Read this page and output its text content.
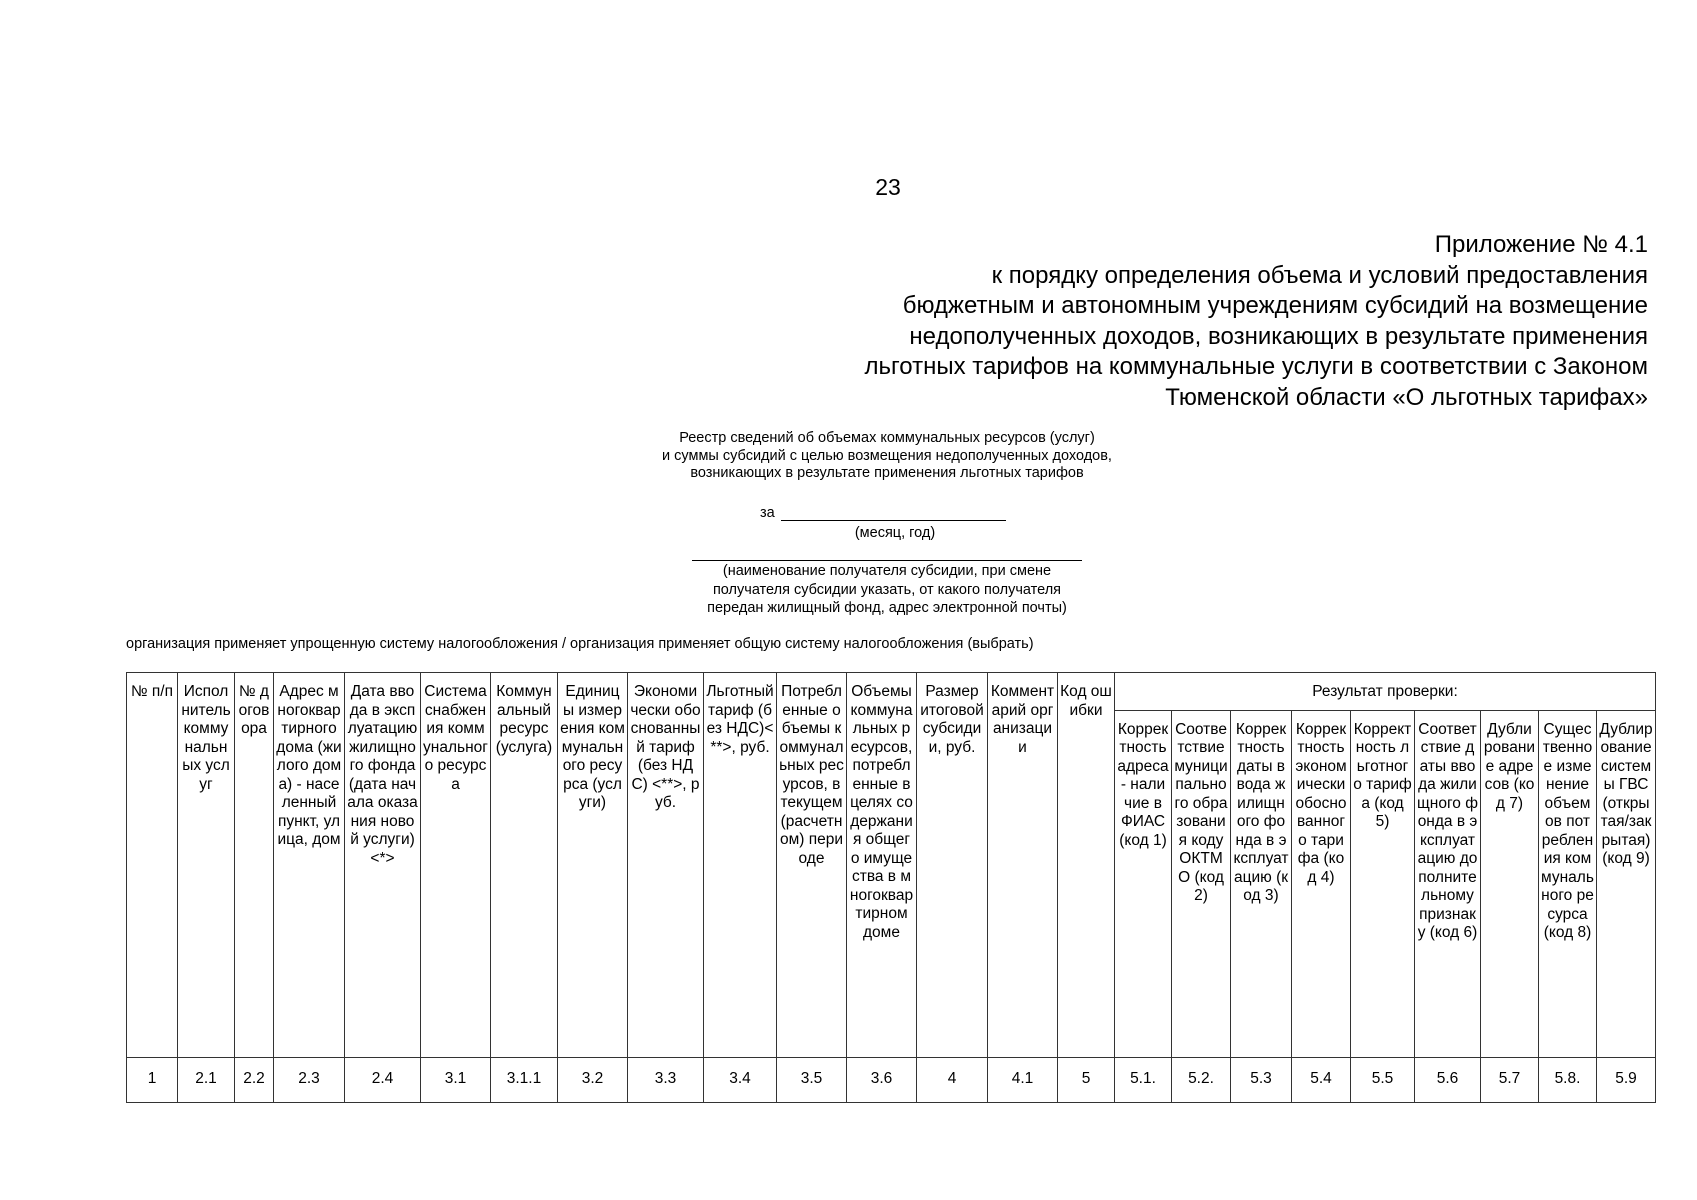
23
Приложение № 4.1
к порядку определения объема и условий предоставления
бюджетным и автономным учреждениям субсидий на возмещение
недополученных доходов, возникающих в результате применения
льготных тарифов на коммунальные услуги в соответствии с Законом
Тюменской области «О льготных тарифах»
Реестр сведений об объемах коммунальных ресурсов (услуг)
и суммы субсидий с целью возмещения недополученных доходов,
возникающих в результате применения льготных тарифов
за
(месяц, год)
(наименование получателя субсидии, при смене
получателя субсидии указать, от какого получателя
передан жилищный фонд, адрес электронной почты)
организация применяет упрощенную систему налогообложения / организация применяет общую систему налогообложения (выбрать)
№ п/п	Исполнитель коммунальных услуг	№ договора	Адрес многоквартирного дома (жилого дома) - населенный пункт, улица, дом	Дата ввода в эксплуатацию жилищного фонда (дата начала оказания новой услуги) <*>	Система снабжения коммунального ресурса	Коммунальный ресурс (услуга)	Единицы измерения коммунального ресурса (услуги)	Экономически обоснованный тариф (без НДС) <**>, руб.	Льготный тариф (без НДС)<**>, руб.	Потребленные объемы коммунальных ресурсов, в текущем (расчетном) периоде	Объемы коммунальных ресурсов, потребленные в целях содержания общего имущества в многоквартирном доме	Размер итоговой субсидии, руб.	Комментарий организации	Код ошибки	Результат проверки:								
															Корректность адреса - наличие в ФИАС (код 1)	Соответствие муниципального образования коду ОКТМО (код 2)	Корректность даты ввода жилищного фонда в эксплуатацию (код 3)	Корректность экономически обоснованного тарифа (код 4)	Корректность льготного тарифа (код 5)	Соответствие даты ввода жилищного фонда в эксплуатацию дополнительному признаку (код 6)	Дублирование адресов (код 7)	Существенное изменение объемов потребления коммунального ресурса (код 8)	Дублирование системы ГВС (открытая/закрытая) (код 9)
1	2.1	2.2	2.3	2.4	3.1	3.1.1	3.2	3.3	3.4	3.5	3.6	4	4.1	5	5.1.	5.2.	5.3	5.4	5.5	5.6	5.7	5.8.	5.9
